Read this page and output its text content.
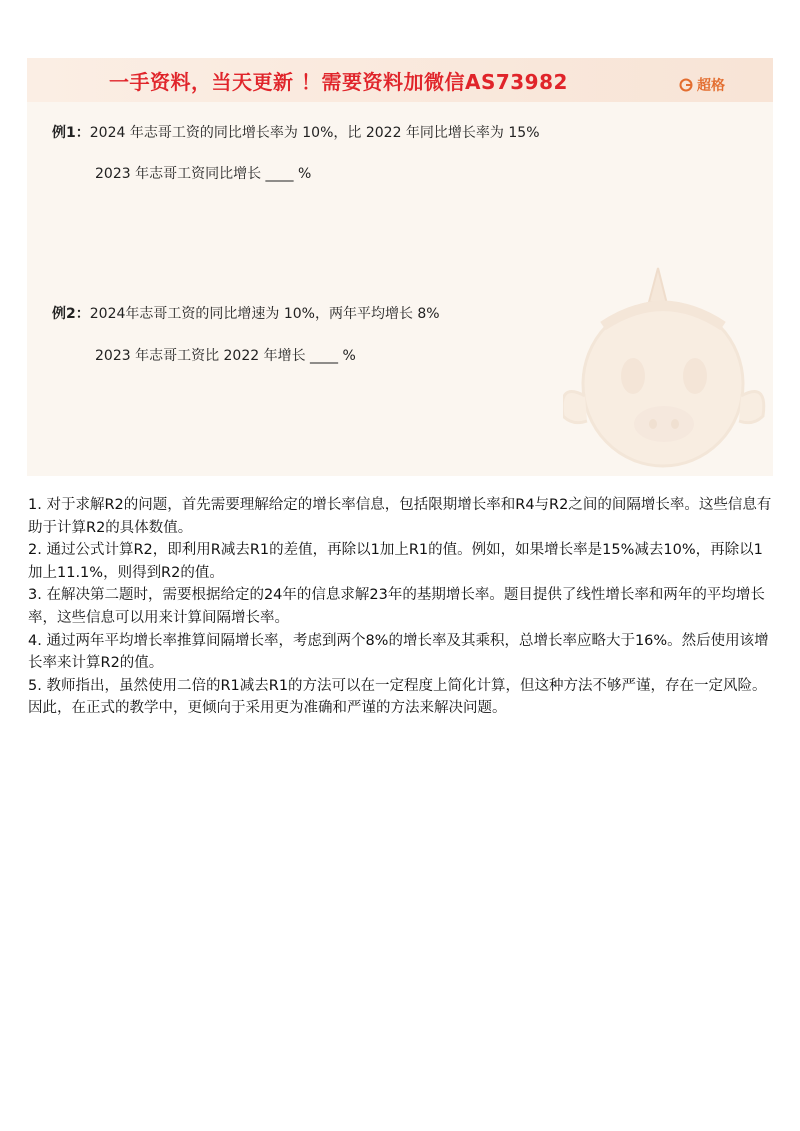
一手资料，当天更新 ！需要资料加微信AS73982	超格
例1：2024 年志哥工资的同比增长率为 10%，比 2022 年同比增长率为 15%
2023 年志哥工资同比增长 ____ %
例2：2024年志哥工资的同比增速为 10%，两年平均增长 8%
2023 年志哥工资比 2022 年增长 ____ %

1. 对于求解R2的问题，首先需要理解给定的增长率信息，包括限期增长率和R4与R2之间的间隔增长率。这些信息有助于计算R2的具体数值。

2. 通过公式计算R2，即利用R减去R1的差值，再除以1加上R1的值。例如，如果增长率是15%减去10%，再除以1加上11.1%，则得到R2的值。

3. 在解决第二题时，需要根据给定的24年的信息求解23年的基期增长率。题目提供了线性增长率和两年的平均增长率，这些信息可以用来计算间隔增长率。

4. 通过两年平均增长率推算间隔增长率，考虑到两个8%的增长率及其乘积，总增长率应略大于16%。然后使用该增长率来计算R2的值。

5. 教师指出，虽然使用二倍的R1减去R1的方法可以在一定程度上简化计算，但这种方法不够严谨，存在一定风险。因此，在正式的教学中，更倾向于采用更为准确和严谨的方法来解决问题。
